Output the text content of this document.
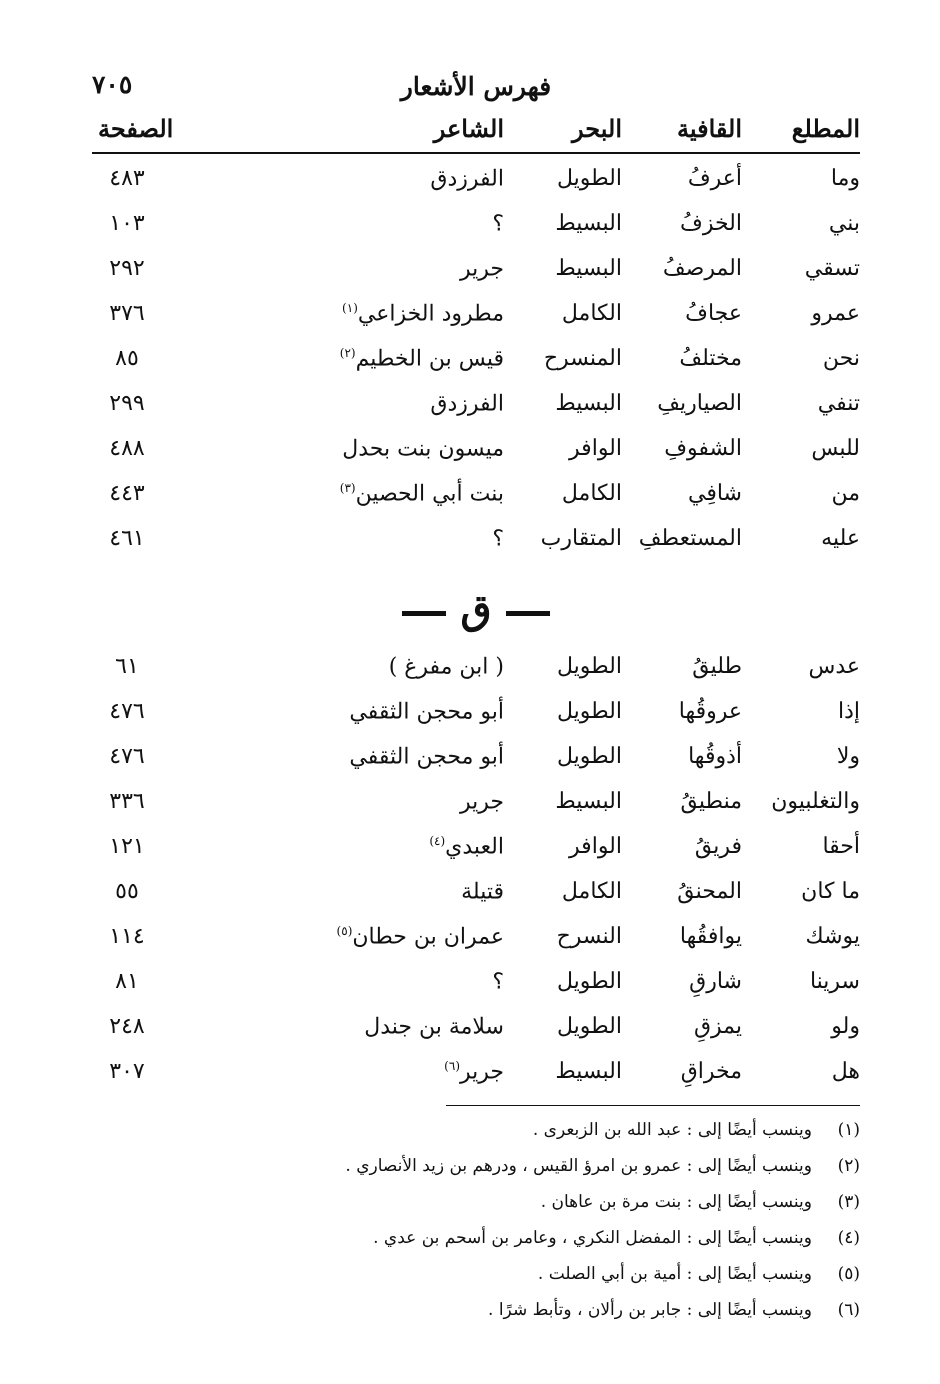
فهرس الأشعار
٧٠٥
المطلع
القافية
البحر
الشاعر
الصفحة
وما
أعرفُ
الطويل
الفرزدق
٤٨٣
بني
الخزفُ
البسيط
؟
١٠٣
تسقي
المرصفُ
البسيط
جرير
٢٩٢
عمرو
عجافُ
الكامل
مطرود الخزاعي$^{(١)}$
٣٧٦
نحن
مختلفُ
المنسرح
قيس بن الخطيم$^{(٢)}$
٨٥
تنفي
الصياريفِ
البسيط
الفرزدق
٢٩٩
للبس
الشفوفِ
الوافر
ميسون بنت بحدل
٤٨٨
من
شافِي
الكامل
بنت أبي الحصين$^{(٣)}$
٤٤٣
عليه
المستعطفِ
المتقارب
؟
٤٦١
ق
عدس
طليقُ
الطويل
( ابن مفرغ )
٦١
إذا
عروقُها
الطويل
أبو محجن الثقفي
٤٧٦
ولا
أذوقُها
الطويل
أبو محجن الثقفي
٤٧٦
والتغلبيون
منطيقُ
البسيط
جرير
٣٣٦
أحقا
فريقُ
الوافر
العبدي$^{(٤)}$
١٢١
ما كان
المحنقُ
الكامل
قتيلة
٥٥
يوشك
يوافقُها
النسرح
عمران بن حطان$^{(٥)}$
١١٤
سرينا
شارقِ
الطويل
؟
٨١
ولو
يمزقِ
الطويل
سلامة بن جندل
٢٤٨
هل
مخراقِ
البسيط
جرير$^{(٦)}$
٣٠٧
(١)
وينسب أيضًا إلى : عبد الله بن الزبعرى .
(٢)
وينسب أيضًا إلى : عمرو بن امرؤ القيس ، ودرهم بن زيد الأنصاري .
(٣)
وينسب أيضًا إلى : بنت مرة بن عاهان .
(٤)
وينسب أيضًا إلى : المفضل النكري ، وعامر بن أسحم بن عدي .
(٥)
وينسب أيضًا إلى : أمية بن أبي الصلت .
(٦)
وينسب أيضًا إلى : جابر بن رألان ، وتأبط شرًا .
